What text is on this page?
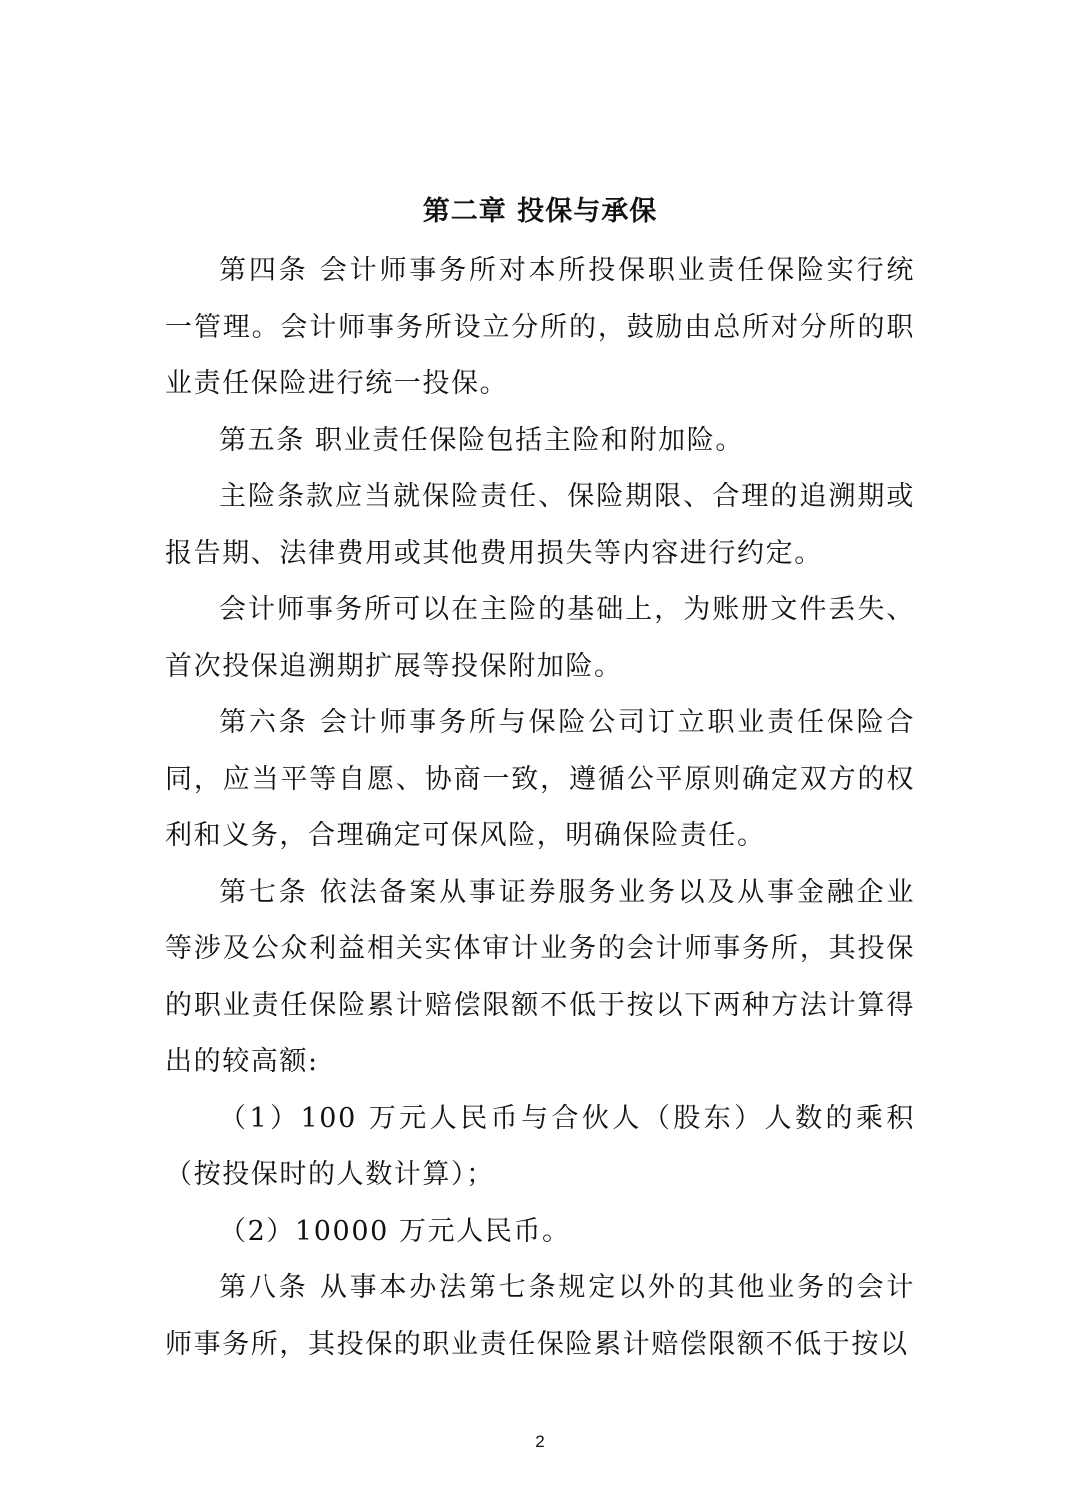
第二章 投保与承保

第四条 会计师事务所对本所投保职业责任保险实行统一管理。会计师事务所设立分所的，鼓励由总所对分所的职业责任保险进行统一投保。

第五条 职业责任保险包括主险和附加险。

主险条款应当就保险责任、保险期限、合理的追溯期或报告期、法律费用或其他费用损失等内容进行约定。

会计师事务所可以在主险的基础上，为账册文件丢失、首次投保追溯期扩展等投保附加险。

第六条 会计师事务所与保险公司订立职业责任保险合同，应当平等自愿、协商一致，遵循公平原则确定双方的权利和义务，合理确定可保风险，明确保险责任。

第七条 依法备案从事证券服务业务以及从事金融企业等涉及公众利益相关实体审计业务的会计师事务所，其投保的职业责任保险累计赔偿限额不低于按以下两种方法计算得出的较高额:

（1）100 万元人民币与合伙人（股东）人数的乘积（按投保时的人数计算）；

（2）10000 万元人民币。

第八条 从事本办法第七条规定以外的其他业务的会计师事务所，其投保的职业责任保险累计赔偿限额不低于按以

2
